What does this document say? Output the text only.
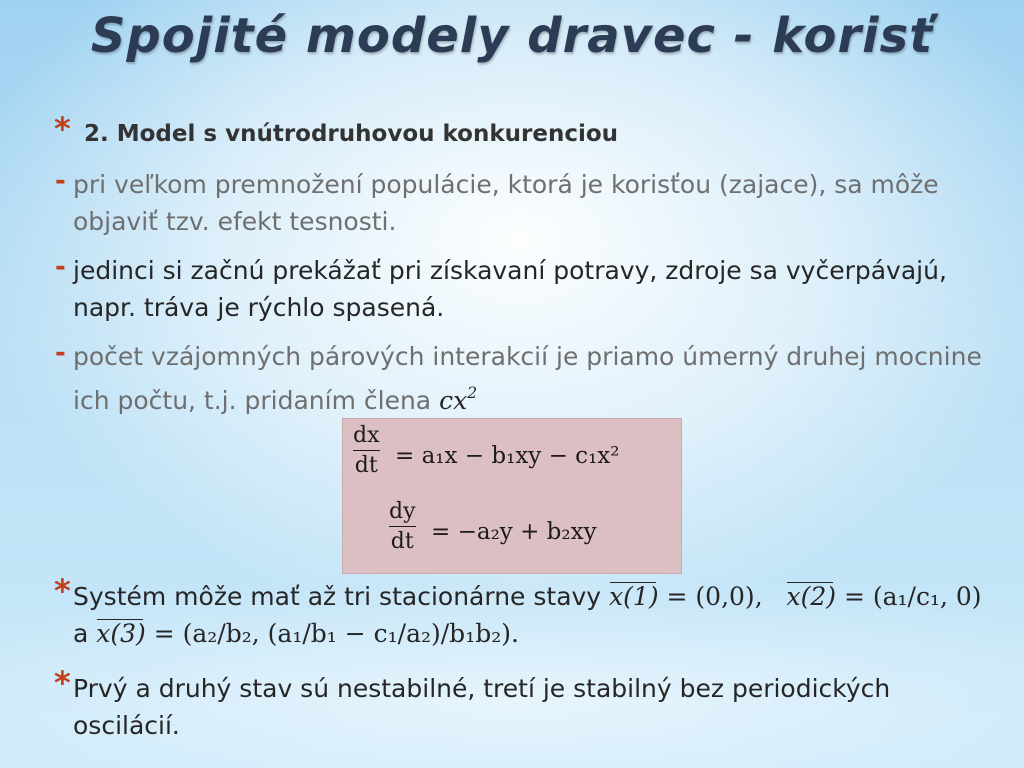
Spojité modely dravec - korisť
* 2. Model s vnútrodruhovou konkurenciou
- pri veľkom premnožení populácie, ktorá je korisťou (zajace), sa môže objaviť tzv. efekt tesnosti.
- jedinci si začnú prekážať pri získavaní potravy, zdroje sa vyčerpávajú, napr. tráva je rýchlo spasená.
- počet vzájomných párových interakcií je priamo úmerný druhej mocnine ich počtu, t.j. pridaním člena $cx^2$
$\frac{dx}{dt} = a_1x - b_1xy - c_1x^2$
$\frac{dy}{dt} = -a_2y + b_2xy$
* Systém môže mať až tri stacionárne stavy x(1) = (0,0), x(2) = (a₁/c₁, 0) a x(3) = (a₂/b₂, (a₁/b₁ − c₁/a₂)/b₁b₂).
* Prvý a druhý stav sú nestabilné, tretí je stabilný bez periodických oscilácií.
